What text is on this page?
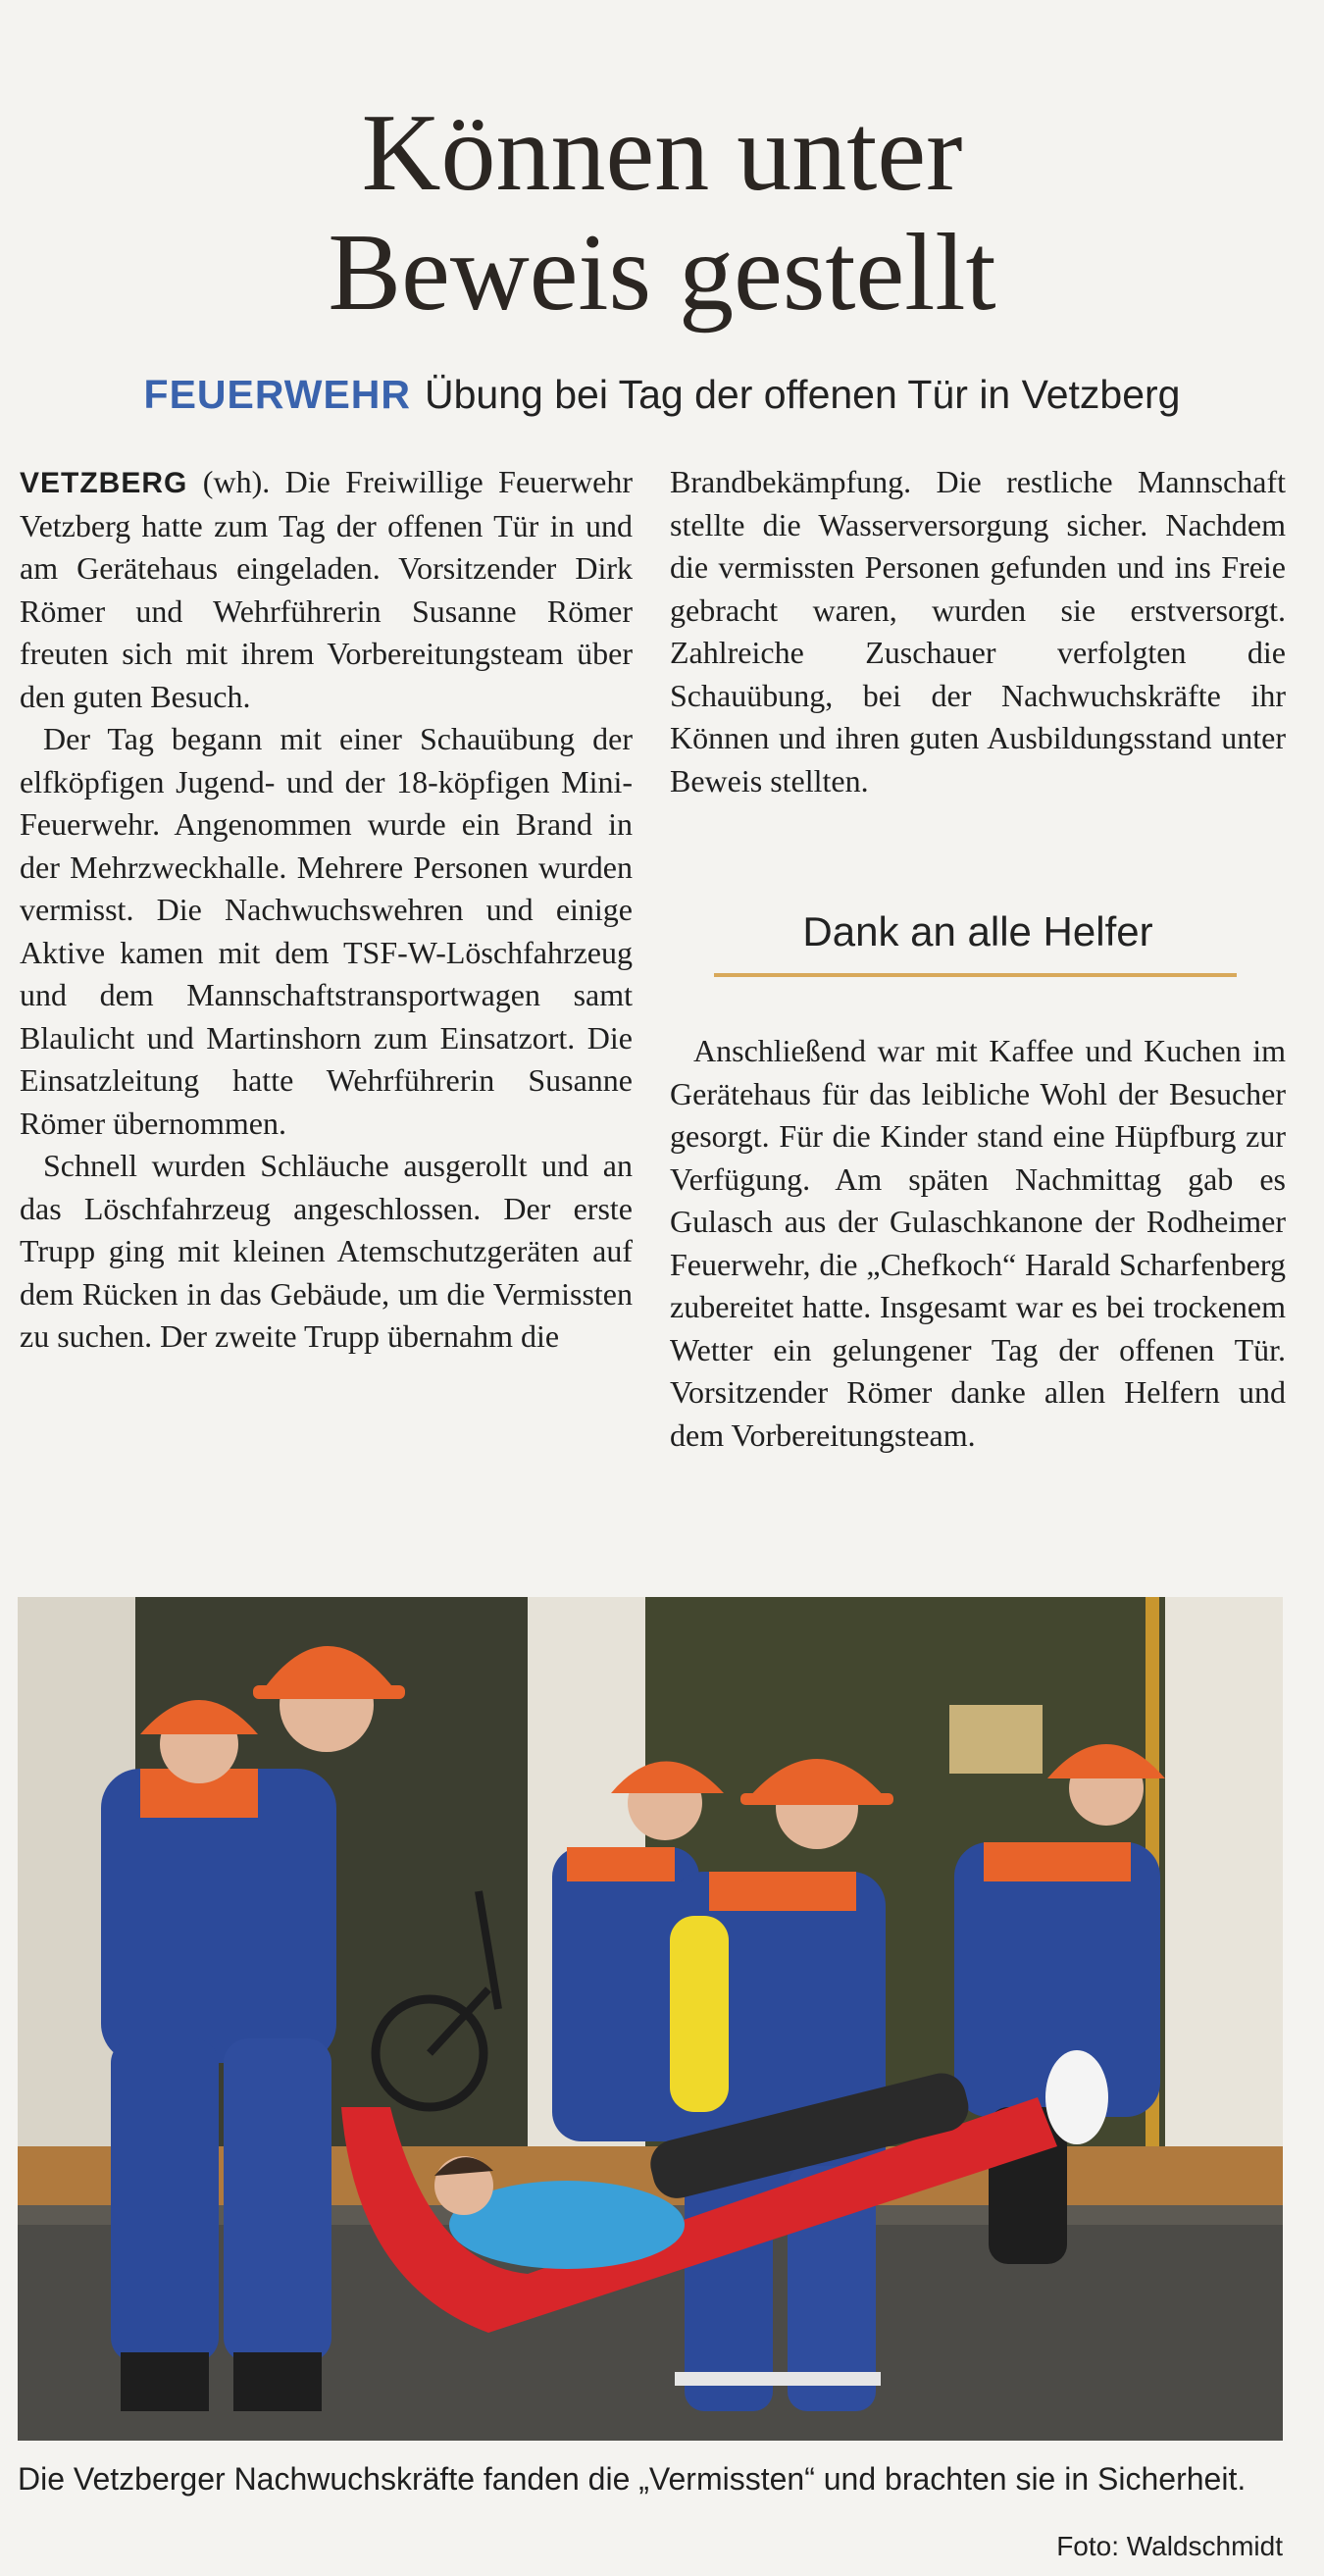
Können unter
Beweis gestellt
FEUERWEHR Übung bei Tag der offenen Tür in Vetzberg

VETZBERG (wh). Die Freiwillige Feuerwehr Vetzberg hatte zum Tag der offenen Tür in und am Gerätehaus eingeladen. Vorsitzender Dirk Römer und Wehrführerin Susanne Römer freuten sich mit ihrem Vorbereitungsteam über den guten Besuch.

Der Tag begann mit einer Schauübung der elfköpfigen Jugend- und der 18-köpfigen Mini-Feuerwehr. Angenommen wurde ein Brand in der Mehrzweckhalle. Mehrere Personen wurden vermisst. Die Nachwuchswehren und einige Aktive kamen mit dem TSF-W-Löschfahrzeug und dem Mannschaftstransportwagen samt Blaulicht und Martinshorn zum Einsatzort. Die Einsatzleitung hatte Wehrführerin Susanne Römer übernommen.

Schnell wurden Schläuche ausgerollt und an das Löschfahrzeug angeschlossen. Der erste Trupp ging mit kleinen Atemschutzgeräten auf dem Rücken in das Gebäude, um die Vermissten zu suchen. Der zweite Trupp übernahm die

Brandbekämpfung. Die restliche Mannschaft stellte die Wasserversorgung sicher. Nachdem die vermissten Personen gefunden und ins Freie gebracht waren, wurden sie erstversorgt. Zahlreiche Zuschauer verfolgten die Schauübung, bei der Nachwuchskräfte ihr Können und ihren guten Ausbildungsstand unter Beweis stellten.

Dank an alle Helfer

Anschließend war mit Kaffee und Kuchen im Gerätehaus für das leibliche Wohl der Besucher gesorgt. Für die Kinder stand eine Hüpfburg zur Verfügung. Am späten Nachmittag gab es Gulasch aus der Gulaschkanone der Rodheimer Feuerwehr, die „Chefkoch“ Harald Scharfenberg zubereitet hatte. Insgesamt war es bei trockenem Wetter ein gelungener Tag der offenen Tür. Vorsitzender Römer danke allen Helfern und dem Vorbereitungsteam.

Die Vetzberger Nachwuchskräfte fanden die „Vermissten“ und brachten sie in Sicherheit.
Foto: Waldschmidt
